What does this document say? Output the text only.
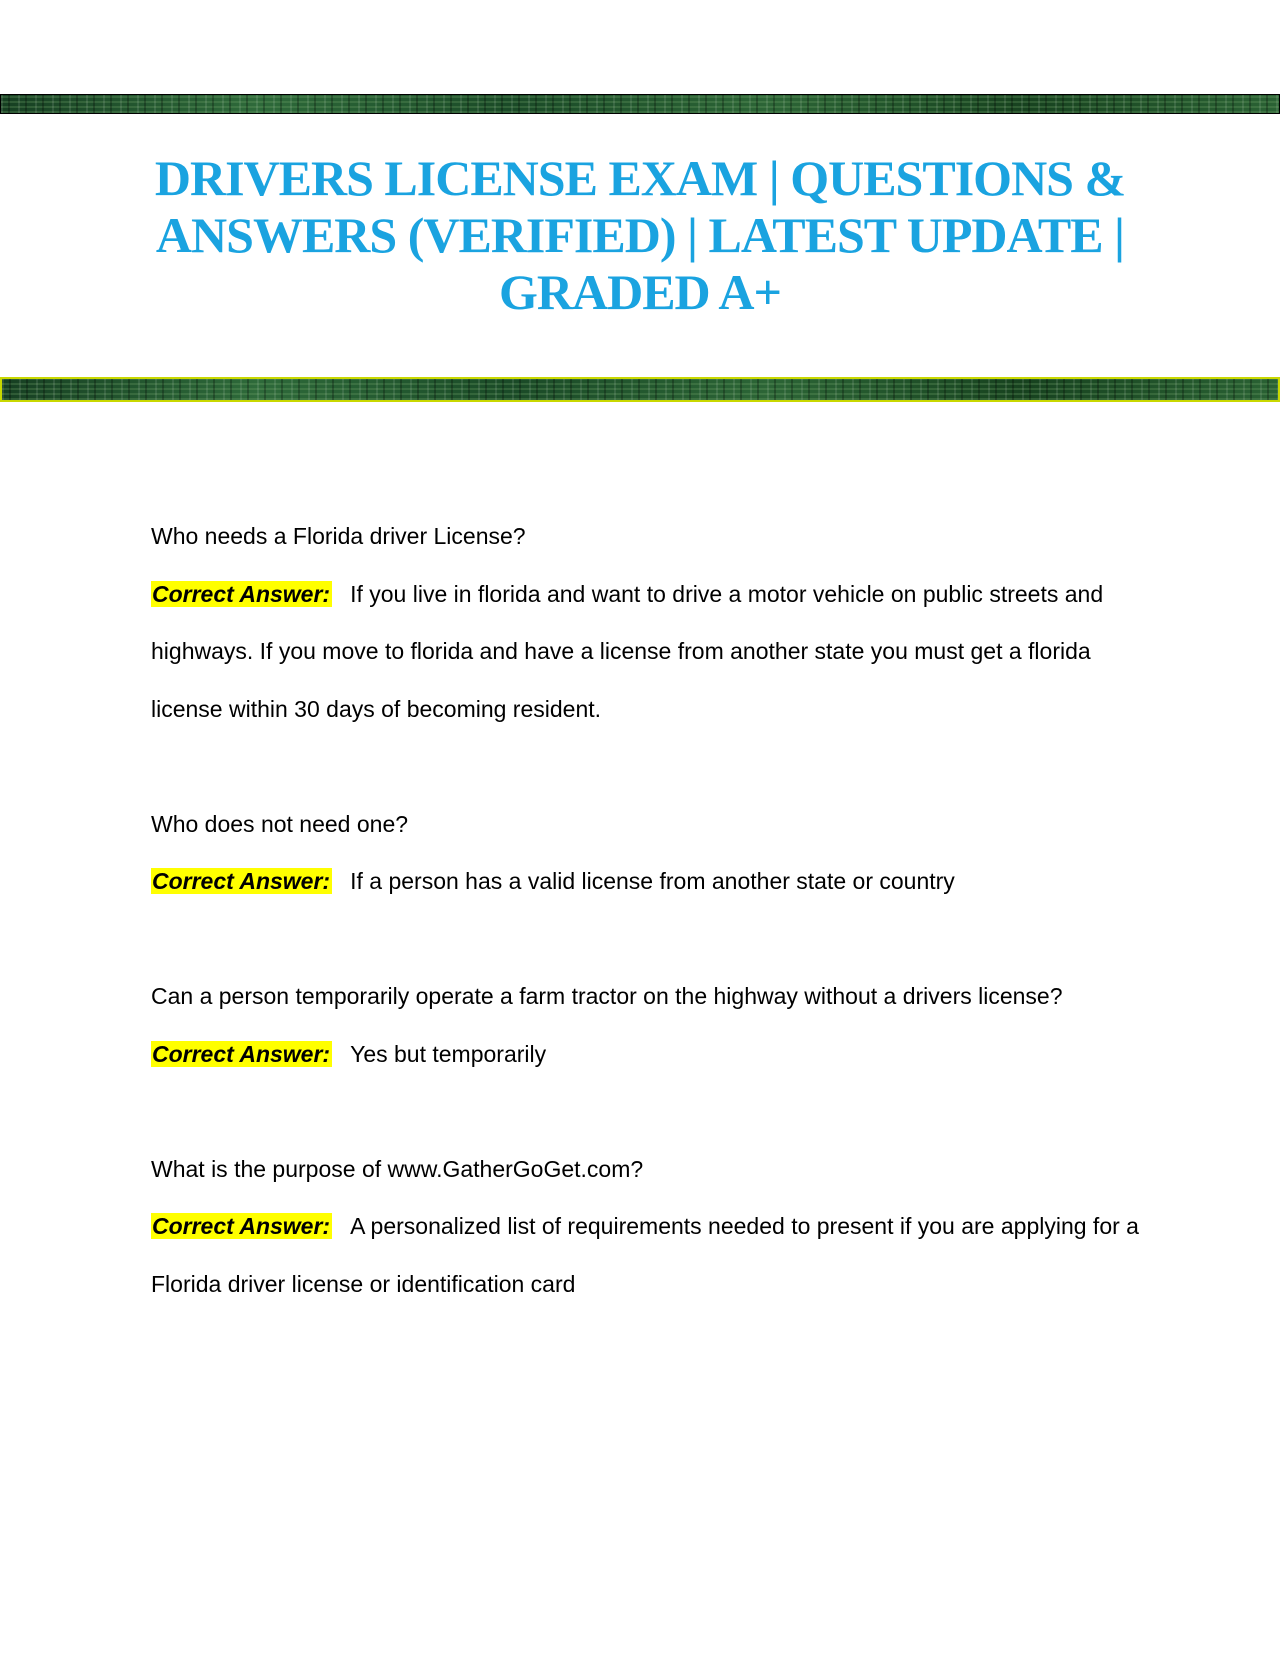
DRIVERS LICENSE EXAM | QUESTIONS & ANSWERS (VERIFIED) | LATEST UPDATE | GRADED A+

Who needs a Florida driver License?

Correct Answer: If you live in florida and want to drive a motor vehicle on public streets and highways. If you move to florida and have a license from another state you must get a florida license within 30 days of becoming resident.

Who does not need one?

Correct Answer: If a person has a valid license from another state or country

Can a person temporarily operate a farm tractor on the highway without a drivers license?

Correct Answer: Yes but temporarily

What is the purpose of www.GatherGoGet.com?

Correct Answer: A personalized list of requirements needed to present if you are applying for a Florida driver license or identification card
